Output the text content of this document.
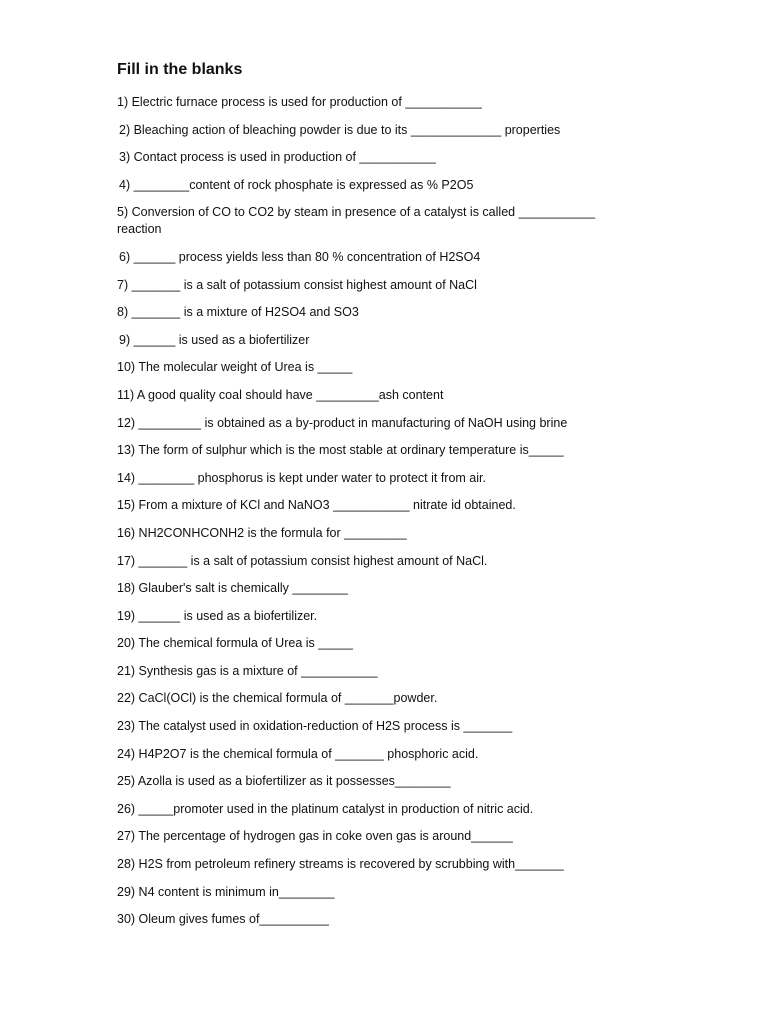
Fill in the blanks
1) Electric furnace process is used for production of ___________
2) Bleaching action of bleaching powder is due to its _____________ properties
3) Contact process is used in production of ___________
4) ________content of rock phosphate is expressed as % P2O5
5) Conversion of CO to CO2 by steam in presence of a catalyst is called ___________ reaction
6) ______ process yields less than 80 % concentration of H2SO4
7) _______ is a salt of potassium consist highest amount of NaCl
8) _______ is a mixture of H2SO4 and SO3
9) ______ is used as a biofertilizer
10) The molecular weight of Urea is _____
11) A good quality coal should have _________ash content
12) _________ is obtained as a by-product in manufacturing of NaOH using brine
13) The form of sulphur which is the most stable at ordinary temperature is_____
14) ________ phosphorus is kept under water to protect it from air.
15) From a mixture of KCl and NaNO3 ___________ nitrate id obtained.
16) NH2CONHCONH2 is the formula for _________
17) _______ is a salt of potassium consist highest amount of NaCl.
18) Glauber's salt is chemically ________
19) ______ is used as a biofertilizer.
20) The chemical formula of Urea is _____
21) Synthesis gas is a mixture of ___________
22) CaCl(OCl) is the chemical formula of _______powder.
23) The catalyst used in oxidation-reduction of H2S process is _______
24) H4P2O7 is the chemical formula of _______ phosphoric acid.
25) Azolla is used as a biofertilizer as it possesses________
26) _____promoter used in the platinum catalyst in production of nitric acid.
27) The percentage of hydrogen gas in coke oven gas is around______
28) H2S from petroleum refinery streams is recovered by scrubbing with_______
29) N4 content is minimum in________
30) Oleum gives fumes of__________
